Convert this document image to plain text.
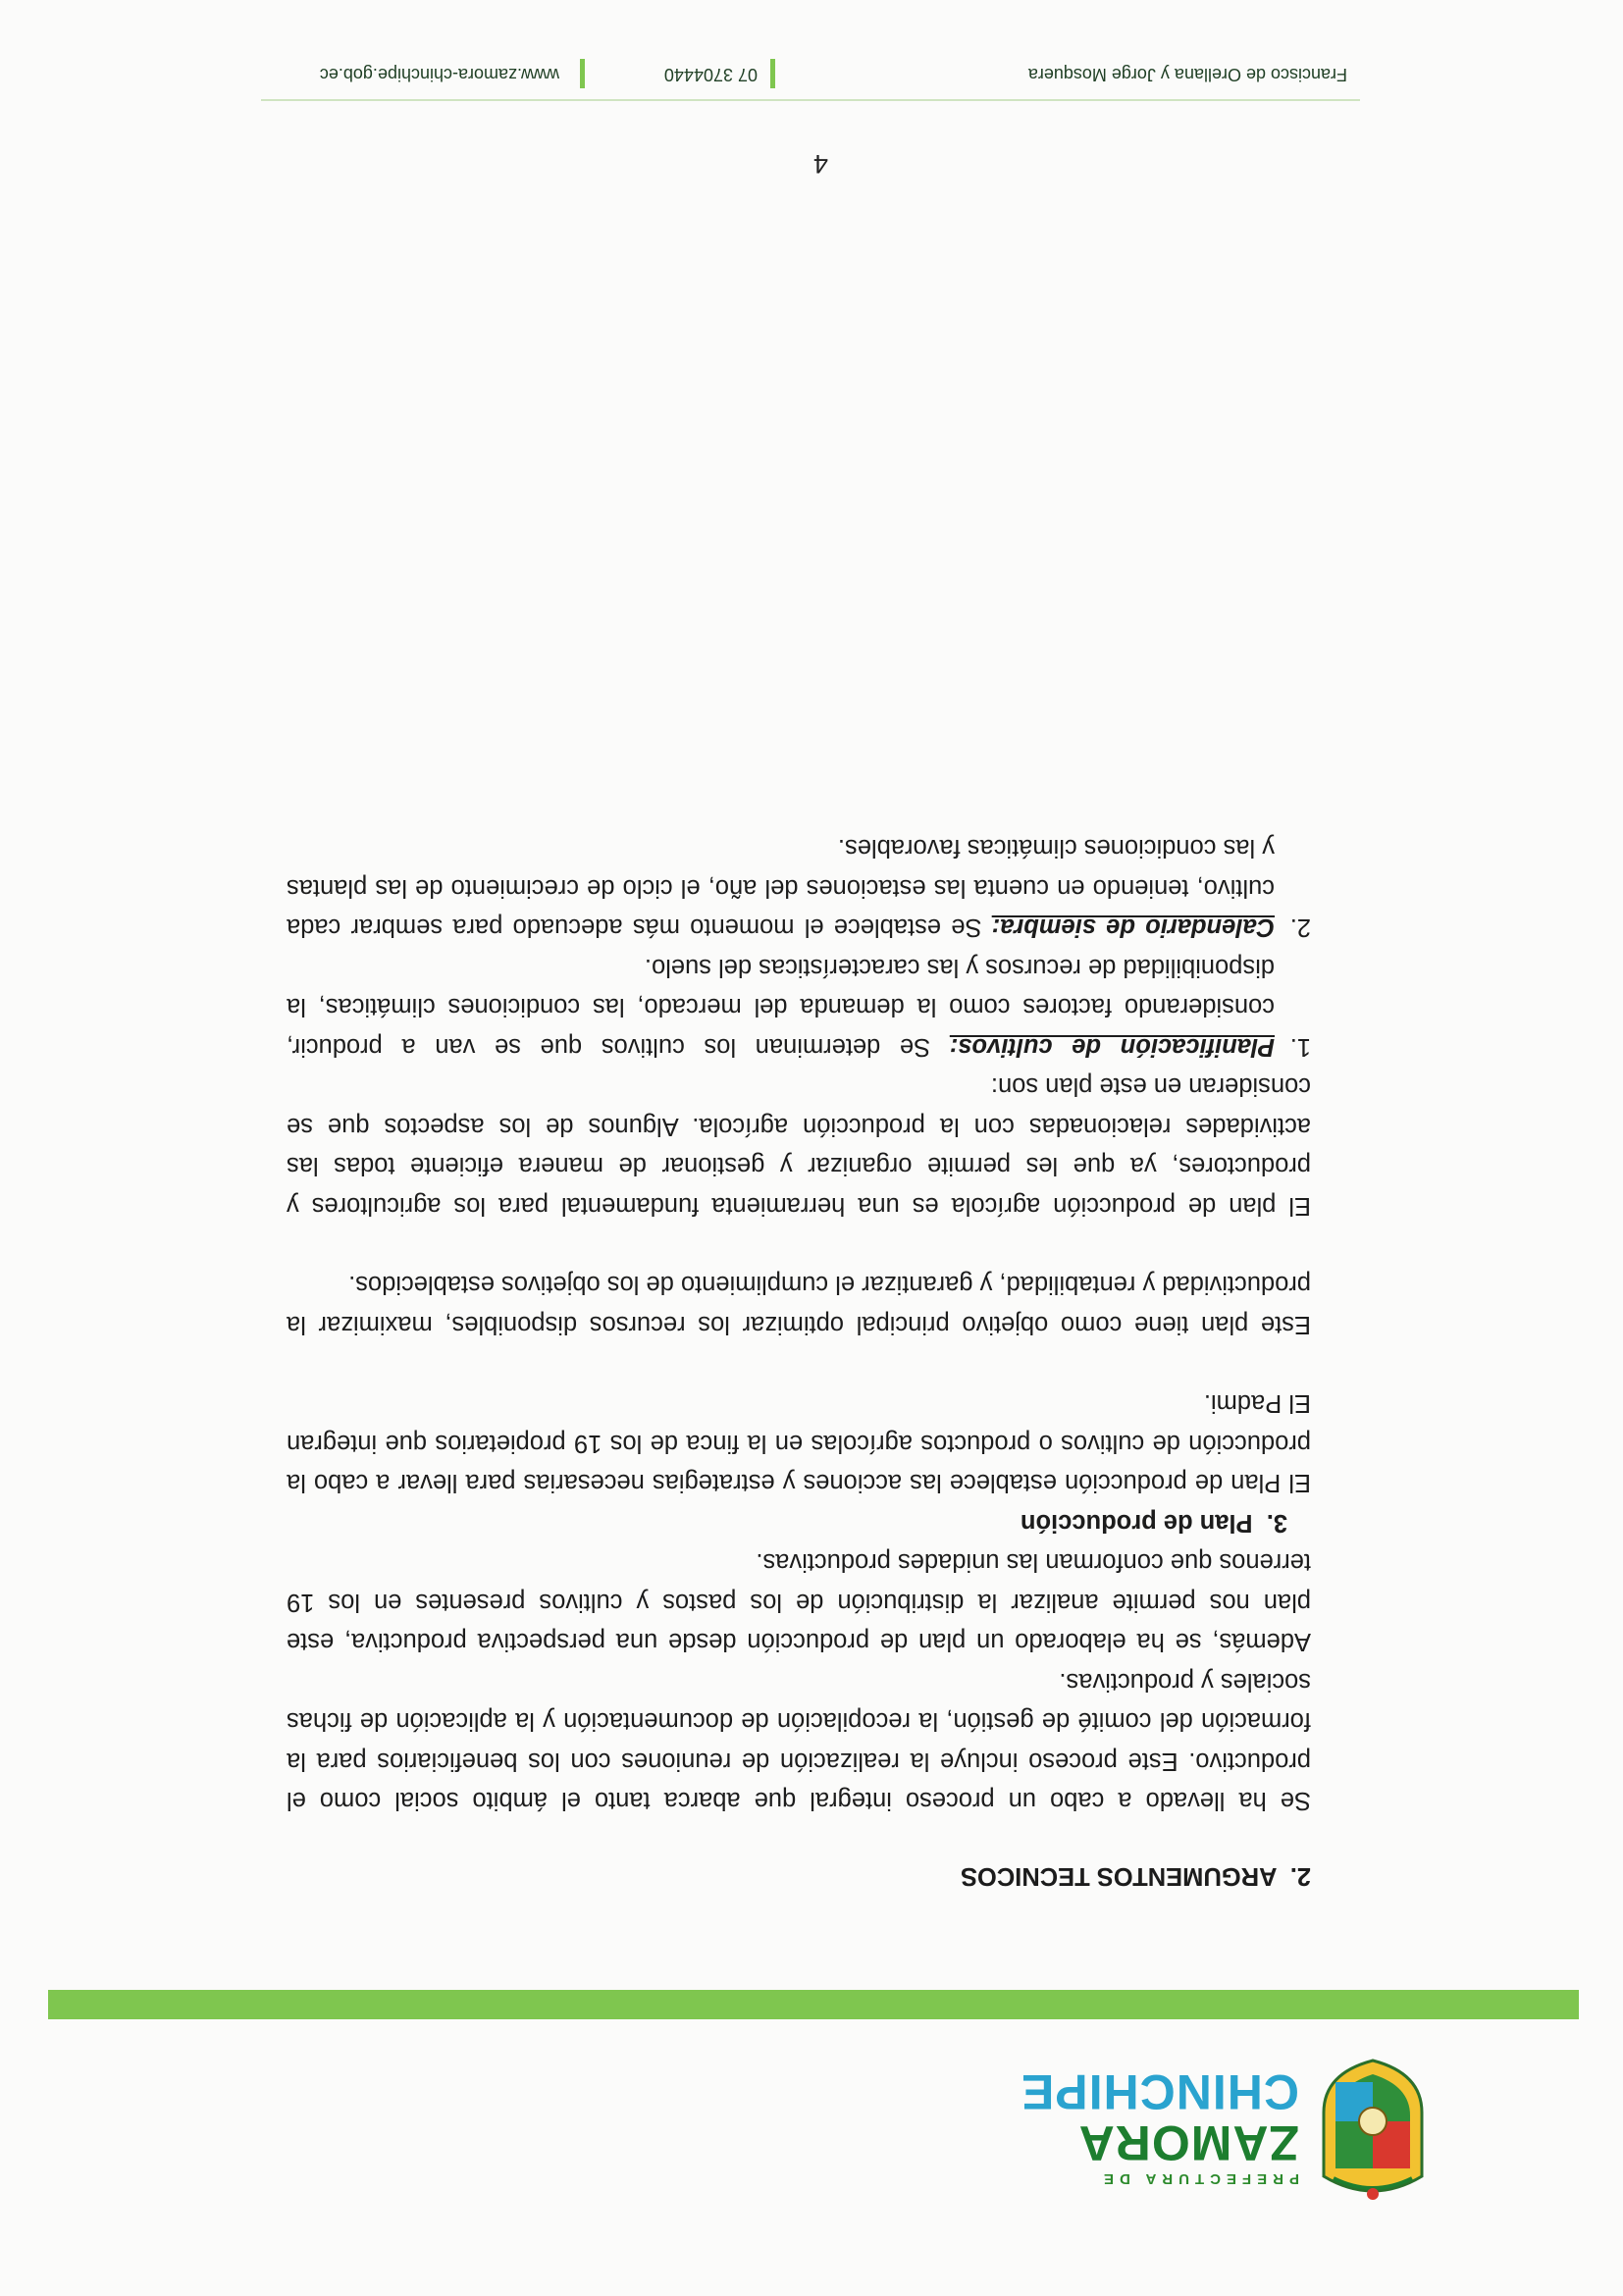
PREFECTURA DE
ZAMORA
CHINCHIPE
2.  ARGUMENTOS TECNICOS

Se ha llevado a cabo un proceso integral que abarca tanto el ámbito social como el productivo. Este proceso incluye la realización de reuniones con los beneficiarios para la formación del comité de gestión, la recopilación de documentación y la aplicación de fichas sociales y productivas.

Además, se ha elaborado un plan de producción desde una perspectiva productiva, este plan nos permite analizar la distribución de los pastos y cultivos presentes en los 19 terrenos que conforman las unidades productivas.

3.  Plan de producción

El Plan de producción establece las acciones y estrategias necesarias para llevar a cabo la producción de cultivos o productos agrícolas en la finca de los 19 propietarios que integran El Padmi.

Este plan tiene como objetivo principal optimizar los recursos disponibles, maximizar la productividad y rentabilidad, y garantizar el cumplimiento de los objetivos establecidos.

El plan de producción agrícola es una herramienta fundamental para los agricultores y productores, ya que les permite organizar y gestionar de manera eficiente todas las actividades relacionadas con la producción agrícola. Algunos de los aspectos que se consideran en este plan son:

1.
Planificación de cultivos: Se determinan los cultivos que se van a producir, considerando factores como la demanda del mercado, las condiciones climáticas, la disponibilidad de recursos y las características del suelo.
2.
Calendario de siembra: Se establece el momento más adecuado para sembrar cada cultivo, teniendo en cuenta las estaciones del año, el ciclo de crecimiento de las plantas y las condiciones climáticas favorables.
4
Francisco de Orellana y Jorge Mosquera
07 3704440
www.zamora-chinchipe.gob.ec
